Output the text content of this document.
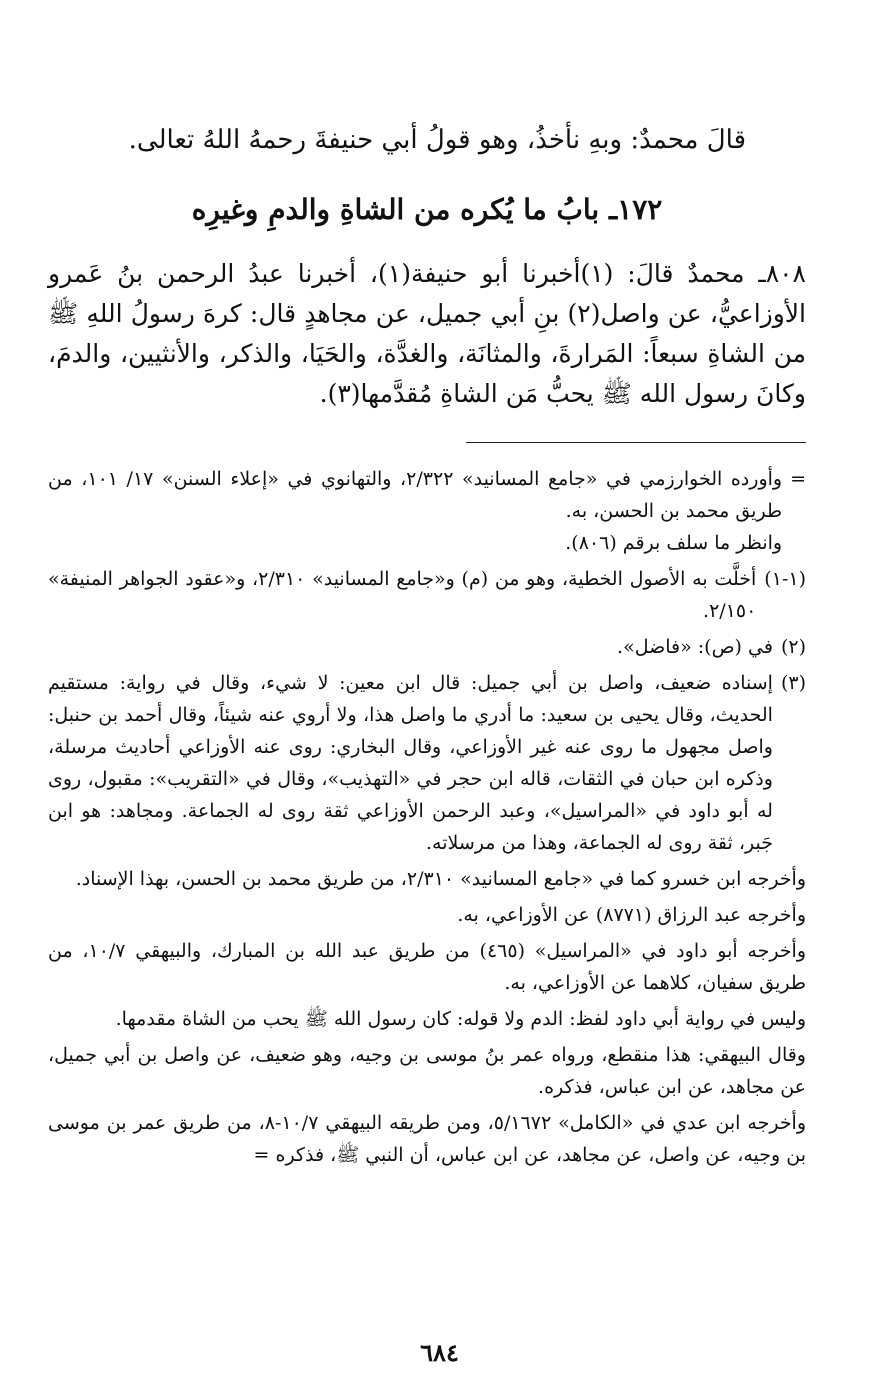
قالَ محمدٌ: وبهِ نأخذُ، وهو قولُ أبي حنيفةَ رحمهُ اللهُ تعالى.

١٧٢ـ بابُ ما يُكره من الشاةِ والدمِ وغيرِه

٨٠٨ـ محمدٌ قالَ: (١)أخبرنا أبو حنيفة(١)، أخبرنا عبدُ الرحمن بنُ عَمرو الأوزاعيُّ، عن واصل(٢) بنِ أبي جميل، عن مجاهدٍ قال: كرهَ رسولُ اللهِ ﷺ من الشاةِ سبعاً: المَرارةَ، والمثانَة، والغدَّة، والحَيَا، والذكر، والأنثيين، والدمَ، وكانَ رسول الله ﷺ يحبُّ مَن الشاةِ مُقدَّمها(٣).

=

وأورده الخوارزمي في «جامع المسانيد» ٢/٣٢٢، والتهانوي في «إعلاء السنن» ١٧/ ١٠١، من طريق محمد بن الحسن، به.

وانظر ما سلف برقم (٨٠٦).

(١-١)

أخلَّت به الأصول الخطية، وهو من (م) و«جامع المسانيد» ٢/٣١٠، و«عقود الجواهر المنيفة» ٢/١٥٠.

(٢)

في (ص): «فاضل».

(٣)

إسناده ضعيف، واصل بن أبي جميل: قال ابن معين: لا شيء، وقال في رواية: مستقيم الحديث، وقال يحيى بن سعيد: ما أدري ما واصل هذا، ولا أروي عنه شيئاً، وقال أحمد بن حنبل: واصل مجهول ما روى عنه غير الأوزاعي، وقال البخاري: روى عنه الأوزاعي أحاديث مرسلة، وذكره ابن حبان في الثقات، قاله ابن حجر في «التهذيب»، وقال في «التقريب»: مقبول، روى له أبو داود في «المراسيل»، وعبد الرحمن الأوزاعي ثقة روى له الجماعة. ومجاهد: هو ابن جَبر، ثقة روى له الجماعة، وهذا من مرسلاته.

وأخرجه ابن خسرو كما في «جامع المسانيد» ٢/٣١٠، من طريق محمد بن الحسن، بهذا الإسناد.

وأخرجه عبد الرزاق (٨٧٧١) عن الأوزاعي، به.

وأخرجه أبو داود في «المراسيل» (٤٦٥) من طريق عبد الله بن المبارك، والبيهقي ١٠/٧، من طريق سفيان، كلاهما عن الأوزاعي، به.

وليس في رواية أبي داود لفظ: الدم ولا قوله: كان رسول الله ﷺ يحب من الشاة مقدمها.

وقال البيهقي: هذا منقطع، ورواه عمر بنُ موسى بن وجيه، وهو ضعيف، عن واصل بن أبي جميل، عن مجاهد، عن ابن عباس، فذكره.

وأخرجه ابن عدي في «الكامل» ٥/١٦٧٢، ومن طريقه البيهقي ١٠/٧-٨، من طريق عمر بن موسى بن وجيه، عن واصل، عن مجاهد، عن ابن عباس، أن النبي ﷺ، فذكره =

٦٨٤
